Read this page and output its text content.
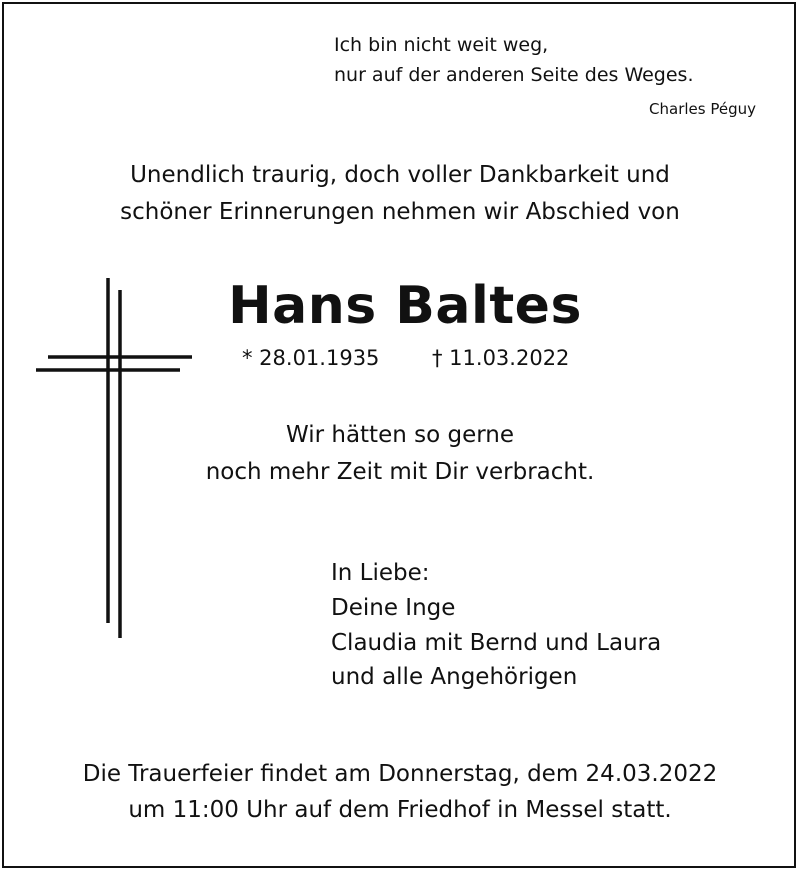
Ich bin nicht weit weg,
nur auf der anderen Seite des Weges.
Charles Péguy
Unendlich traurig, doch voller Dankbarkeit und
schöner Erinnerungen nehmen wir Abschied von
Hans Baltes
* 28.01.1935	† 11.03.2022
Wir hätten so gerne
noch mehr Zeit mit Dir verbracht.
In Liebe:
Deine Inge
Claudia mit Bernd und Laura
und alle Angehörigen
Die Trauerfeier findet am Donnerstag, dem 24.03.2022
um 11:00 Uhr auf dem Friedhof in Messel statt.
